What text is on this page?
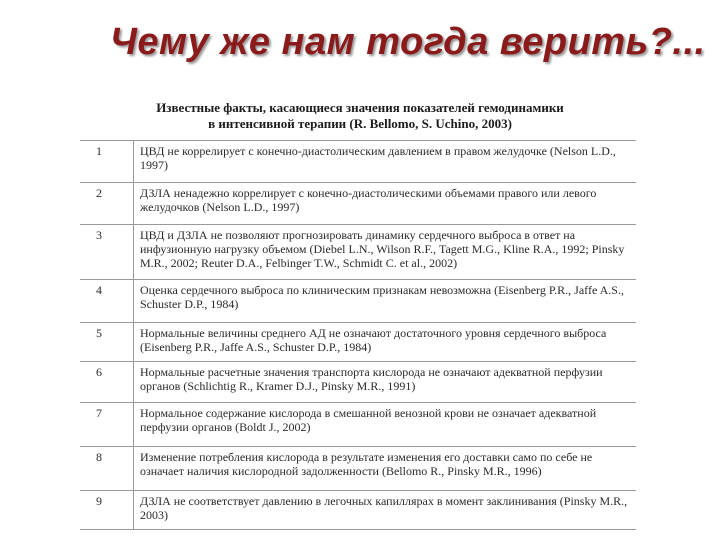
Чему же нам тогда верить?...
Известные факты, касающиеся значения показателей гемодинамики
в интенсивной терапии (R. Bellomo, S. Uchino, 2003)
1	ЦВД не коррелирует с конечно-диастолическим давлением в правом желудочке (Nelson L.D., 1997)
2	ДЗЛА ненадежно коррелирует с конечно-диастолическими объемами правого или левого желудочков (Nelson L.D., 1997)
3	ЦВД и ДЗЛА не позволяют прогнозировать динамику сердечного выброса в ответ на инфузионную нагрузку объемом (Diebel L.N., Wilson R.F., Tagett M.G., Kline R.A., 1992; Pinsky M.R., 2002; Reuter D.A., Felbinger T.W., Schmidt C. et al., 2002)
4	Оценка сердечного выброса по клиническим признакам невозможна (Eisenberg P.R., Jaffe A.S., Schuster D.P., 1984)
5	Нормальные величины среднего АД не означают достаточного уровня сердечного выброса (Eisenberg P.R., Jaffe A.S., Schuster D.P., 1984)
6	Нормальные расчетные значения транспорта кислорода не означают адекватной перфузии органов (Schlichtig R., Kramer D.J., Pinsky M.R., 1991)
7	Нормальное содержание кислорода в смешанной венозной крови не означает адекватной перфузии органов (Boldt J., 2002)
8	Изменение потребления кислорода в результате изменения его доставки само по себе не означает наличия кислородной задолженности (Bellomo R., Pinsky M.R., 1996)
9	ДЗЛА не соответствует давлению в легочных капиллярах в момент заклинивания (Pinsky M.R., 2003)
